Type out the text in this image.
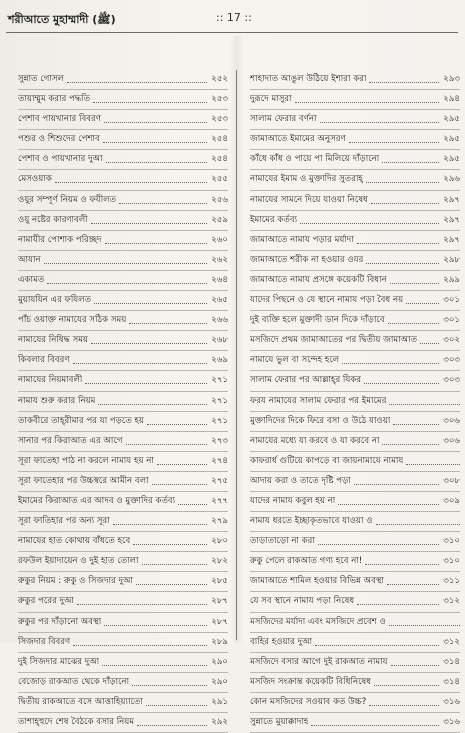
শরীআতে মুহাম্মাদী (ﷺ)	:: 17 ::
সুন্নাত গোসল	২৫২
তায়াম্মুম করার পদ্ধতি	২৫৩
পেশাব পায়খানার বিবরণ	২৫৩
পশুর ও শিশুদের পেশাব	২৫৪
পেশাব ও পায়খানার দুআ	২৫৪
মেসওয়াক	২৫৫
ওযুর সম্পূর্ণ নিয়ম ও ফযীলত	২৫৬
ওযু নষ্টের কারণাবলী	২৫৯
নামাযীর পোশাক পরিচ্ছদ	২৬০
আযান	২৬২
একামত	২৬৪
মুয়াযযিন এর ফযিলত	২৬৫
পাঁচ ওয়াক্ত নামাযের সঠিক সময়	২৬৬
নামাযের নিষিদ্ধ সময়	২৬৮
কিবলার বিবরণ	২৬৯
নামাযের নিয়মাবলী	২৭১
নামায শুরু করার নিয়ম	২৭১
তাকবীরে তাহ্‌রীমার পর যা পড়তে হয়	২৭১
সানার পর কিরাআত এর আগে	২৭৩
সূরা ফাতেহা পাঠ না করলে নামায হয় না	২৭৪
সূরা ফাতেহার পর উচ্চস্বরে আমীন বলা	২৭৫
ইমামের কিরাআত এর আদব ও মুক্তাদির কর্তব্য	২৭৭
সূরা ফাতিহার পর অন্য সূরা	২৭৯
নামাযের হাত কোথায় বাঁধতে হবে	২৮০
রফউল ইয়াদায়েন ও দুই হাত তোলা	২৮২
রুকুর নিয়ম : রুকু ও সিজদার দুআ	২৮৫
রুকুর পরের দুআ	২৮৭
রুকুর পর দাঁড়ানো অবস্থা	২৮৭
সিজদার বিবরণ	২৮৯
দুই সিজদার মাঝের দুআ	২৯০
বেজোড় রাকআত থেকে দাঁড়ানো	২৯০
দ্বিতীয় রাকআতে বসে আত্তাহিয়্যাতো	২৯১
তাশাহ্‌হুদে শেষ বৈঠকে বসার নিয়ম	২৯২
শাহাদাত আঙুল উঠিয়ে ইশারা করা	২৯৩
দুরূদে মাসুরা	২৯৪
সালাম ফেরার বর্ণনা	২৯৫
জামাআতে ইমামের অনুসরণ	২৯৫
কাঁধে কাঁধ ও পায়ে পা মিলিয়ে দাঁড়ানো	২৯৫
নামাযের ইমাম ও মুক্তাদির সুতরাহ্‌	২৯৬
নামাযের সামনে দিয়ে যাওয়া নিষেধ	২৯৭
ইমামের কর্তব্য	২৯৭
জামাআতে নামায পড়ার মর্যাদা	২৯৭
জামাআতে শরীক না হওয়ার ওযর	২৯৮
জামাআতে নামায প্রসঙ্গে কয়েকটি বিধান	২৯৯
যাদের পিছনে ও যে স্থানে নামায পড়া বৈধ নয়	৩০১
দুই ব্যক্তি হলে মুক্তাদী ডান দিকে দাঁড়াবে	৩০১
মসজিদে প্রথম জামাআতের পর দ্বিতীয় জামাআত	৩০২
নামাযে ভুল বা সন্দেহ হলে	৩০৩
সালাম ফেরার পর আল্লাহ্‌র যিকর	৩০৩
ফরয নামাযের সালাম ফেরার পর ইমামের
মুক্তাদিদের দিকে ফিরে বসা ও উঠে যাওয়া	৩০৬
নামাযের মধ্যে যা করবে ও যা করবে না	৩০৬
কাফরার্ধ গুটিয়ে কাপড়ে বা জায়নামাযে নামায
আদায় করা ও তাতে দৃষ্টি পড়া	৩০৮
যাদের নামায কবুল হয় না	৩০৯
নামায ধরতে ইচ্ছাকৃতভাবে যাওয়া ও
তাড়াতাড়ো না করা	৩১০
রুকু পেলে রাকআত গণ্য হবে না!	৩১০
জামাআতে শামিল হওয়ার বিভিন্ন অবস্থা	৩১১
যে সব স্থানে নামায পড়া নিষেধ	৩১২
মসজিদের মর্যাদা এবং মসজিদে প্রবেশ ও
বাহির হওয়ার দুআ	৩১২
মসজিদে বসার আগে দুই রাকআত নামায	৩১৪
মসজিদ সংক্রান্ত কয়েকটি বিধিনিষেধ	৩১৪
কোন মসজিদের সওয়াব কত উচ্চ?	৩১৬
সুন্নাতে মুয়াক্কাদাহ	৩১৬
